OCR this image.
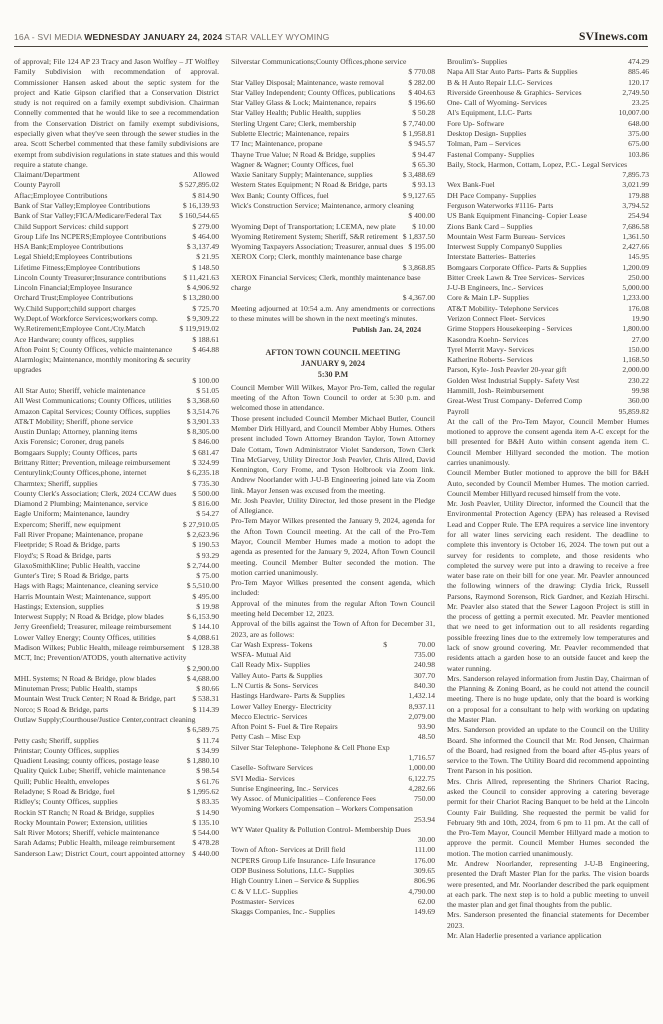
16A - SVI MEDIA WEDNESDAY JANUARY 24, 2024 STAR VALLEY WYOMING	SVInews.com
of approval; File 124 AP 23 Tracy and Jason Wolfley – JT Wolfley Family Subdivision with recommendation of approval. Commissioner Hansen asked about the septic system for the project and Katie Gipson clarified that a Conservation District study is not required on a family exempt subdivision. Chairman Connelly commented that he would like to see a recommendation from the Conservation District on family exempt subdivisions, especially given what they've seen through the sewer studies in the area. Scott Scherbel commented that these family subdivisions are exempt from subdivision regulations in state statues and this would require a statute change.
Claimant/Department	Allowed
County Payroll	$ 527,895.02
Aflac;Employee Contributions	$ 814.90
Bank of Star Valley;Employee Contributions	$ 16,139.93
Bank of Star Valley;FICA/Medicare/Federal Tax	$ 160,544.65
Child Support Services: child support	$ 279.00
Group Life Ins NCPERS;Employee Contributions	$ 464.00
HSA Bank;Employee Contributions	$ 3,137.49
Legal Shield;Employees Contributions	$ 21.95
Lifetime Fitness;Employee Contributions	$ 148.50
Lincoln County Treasurer;Insurance contributions	$ 11,421.63
Lincoln Financial;Employee Insurance	$ 4,906.92
Orchard Trust;Employee Contributions	$ 13,280.00
Wy.Child Support;child support charges	$ 725.70
Wy.Dept.of Workforce Services;workers comp.	$ 9,309.22
Wy.Retirement;Employee Cont./Cty.Match	$ 119,919.02
Ace Hardware; county offices, supplies	$ 188.61
Afton Point S; County Offices, vehicle maintenance	$ 464.88
Alarmlogix; Maintenance, monthly monitoring & security upgrades
$ 100.00
All Star Auto; Sheriff, vehicle maintenance	$ 51.05
All West Communications; County Offices, utilities	$ 3,368.60
Amazon Capital Services; County Offices, supplies	$ 3,514.76
AT&T Mobility; Sheriff, phone service	$ 3,901.33
Austin Dunlap; Attorney, planning items	$ 8,305.00
Axis Forensic; Coroner, drug panels	$ 846.00
Bomgaars Supply; County Offices, parts	$ 681.47
Brittany Ritter; Prevention, mileage reimbursement	$ 324.99
Centurylink;County Offices,phone, internet	$ 6,235.18
Charmtex; Sheriff, supplies	$ 735.30
County Clerk's Association; Clerk, 2024 CCAW dues	$ 500.00
Diamond 2 Plumbing; Maintenance, service	$ 816.00
Eagle Uniform; Maintenance, laundry	$ 54.27
Expercom; Sheriff, new equipment	$ 27,910.05
Fall River Propane; Maintenance, propane	$ 2,623.96
Fleetpride; S Road & Bridge, parts	$ 190.53
Floyd's; S Road & Bridge, parts	$ 93.29
GlaxoSmithKline; Public Health, vaccine	$ 2,744.00
Gunter's Tire; S Road & Bridge, parts	$ 75.00
Hags with Rags; Maintenance, cleaning service	$ 5,510.00
Harris Mountain West; Maintenance, support	$ 495.00
Hastings; Extension, supplies	$ 19.98
Interwest Supply; N Road & Bridge, plow blades	$ 6,153.90
Jerry Greenfield; Treasurer, mileage reimbursement	$ 144.10
Lower Valley Energy; County Offices, utilities	$ 4,088.61
Madison Wilkes; Public Health, mileage reimbursement	$ 128.38
MCT, Inc; Prevention/ATODS, youth alternative activity
$ 2,900.00
MHL Systems; N Road & Bridge, plow blades	$ 4,688.00
Minuteman Press; Public Health, stamps	$ 80.66
Mountain West Truck Center; N Road & Bridge, part	$ 538.31
Norco; S Road & Bridge, parts	$ 114.39
Outlaw Supply;Courthouse/Justice Center,contract cleaning
$ 6,589.75
Petty cash; Sheriff, supplies	$ 11.74
Printstar; County Offices, supplies	$ 34.99
Quadient Leasing; county offices, postage lease	$ 1,880.10
Quality Quick Lube; Sheriff, vehicle maintenance	$ 98.54
Quill; Public Health, envelopes	$ 61.76
Reladyne; S Road & Bridge, fuel	$ 1,995.62
Ridley's; County Offices, supplies	$ 83.35
Rockin ST Ranch; N Road & Bridge, supplies	$ 14.90
Rocky Mountain Power; Extension, utilities	$ 135.10
Salt River Motors; Sheriff, vehicle maintenance	$ 544.00
Sarah Adams; Public Health, mileage reimbursement	$ 478.28
Sanderson Law; District Court, court appointed attorney $ 440.00
Silverstar Communications;County Offices,phone service
$ 770.08
Star Valley Disposal; Maintenance, waste removal	$ 282.00
Star Valley Independent; County Offices, publications	$ 404.63
Star Valley Glass & Lock; Maintenance, repairs	$ 196.60
Star Valley Health; Public Health, supplies	$ 50.28
Sterling Urgent Care; Clerk, membership	$ 7,740.00
Sublette Electric; Maintenance, repairs	$ 1,958.81
T7 Inc; Maintenance, propane	$ 945.57
Thayne True Value; N Road & Bridge, supplies	$ 94.47
Wagner & Wagner; County Offices, fuel	$ 65.30
Waxie Sanitary Supply; Maintenance, supplies	$ 3,488.69
Western States Equipment; N Road & Bridge, parts	$ 93.13
Wex Bank; County Offices, fuel	$ 9,127.65
Wick's Construction Service; Maintenance, armory cleaning
$ 400.00
Wyoming Dept of Transportation; LCEMA, new plate	$ 10.00
Wyoming Retirement System; Sheriff, S&R retirement $ 1,837.50
Wyoming Taxpayers Association; Treasurer, annual dues $ 195.00
XEROX Corp; Clerk, monthly maintenance base charge
$ 3,868.85
XEROX Financial Services; Clerk, monthly maintenance base charge
$ 4,367.00
Meeting adjourned at 10:54 a.m. Any amendments or corrections to these minutes will be shown in the next meeting's minutes.
Publish Jan. 24, 2024
AFTON TOWN COUNCIL MEETING
JANUARY 9, 2024
5:30 P.M
Council Member Will Wilkes, Mayor Pro-Tem, called the regular meeting of the Afton Town Council to order at 5:30 p.m. and welcomed those in attendance.
Those present included Council Member Michael Butler, Council Member Dirk Hillyard, and Council Member Abby Humes. Others present included Town Attorney Brandon Taylor, Town Attorney Dale Cottam, Town Administrator Violet Sanderson, Town Clerk Tina McGarvey, Utility Director Josh Peavler, Chris Allred, David Kennington, Cory Frome, and Tyson Holbrook via Zoom link. Andrew Noorlander with J-U-B Engineering joined late via Zoom link. Mayor Jensen was excused from the meeting.
Mr. Josh Peavler, Utility Director, led those present in the Pledge of Allegiance.
Pro-Tem Mayor Wilkes presented the January 9, 2024, agenda for the Afton Town Council meeting. At the call of the Pro-Tem Mayor, Council Member Humes made a motion to adopt the agenda as presented for the January 9, 2024, Afton Town Council meeting. Council Member Bulter seconded the motion. The motion carried unanimously.
Pro-Tem Mayor Wilkes presented the consent agenda, which included:
Approval of the minutes from the regular Afton Town Council meeting held December 12, 2023.
Approval of the bills against the Town of Afton for December 31, 2023, are as follows:
Car Wash Express- Tokens	$	70.00
WSFA- Mutual Aid	735.00
Call Ready Mix- Supplies	240.98
Valley Auto- Parts & Supplies	307.70
L.N Curtis & Sons- Services	840.30
Hastings Hardware- Parts & Supplies	1,432.14
Lower Valley Energy- Electricity	8,937.11
Mecco Electric- Services	2,079.00
Afton Point S- Fuel & Tire Repairs	93.90
Petty Cash – Misc Exp	48.50
Silver Star Telephone- Telephone & Cell Phone Exp
1,716.57
Caselle- Software Services	1,000.00
SVI Media- Services	6,122.75
Sunrise Engineering, Inc.- Services	4,282.66
Wy Assoc. of Municipalities – Conference Fees	750.00
Wyoming Workers Compensation – Workers Compensation
253.94
WY Water Quality & Pollution Control- Membership Dues
30.00
Town of Afton- Services at Drill field	111.00
NCPERS Group Life Insurance- Life Insurance	176.00
ODP Business Solutions, LLC- Supplies	309.65
High Country Linen – Service & Supplies	806.96
C & V LLC- Supplies	4,790.00
Postmaster- Services	62.00
Skaggs Companies, Inc.- Supplies	149.69
Broulim's- Supplies	474.29
Napa All Star Auto Parts- Parts & Supplies	885.46
B & H Auto Repair LLC- Services	120.17
Riverside Greenhouse & Graphics- Services	2,749.50
One- Call of Wyoming- Services	23.25
Al's Equipment, LLC- Parts	10,007.00
Fore Up- Software	648.00
Desktop Design- Supplies	375.00
Tolman, Pam – Services	675.00
Fastenal Company- Supplies	103.86
Baily, Stock, Harmon, Cottam, Lopez, P.C.- Legal Services
7,895.73
Wex Bank-Fuel	3,021.99
DH Pace Company- Supplies	179.88
Ferguson Waterworks #1116- Parts	3,794.52
US Bank Equipment Financing- Copier Lease	254.94
Zions Bank Card – Supplies	7,686.58
Mountain West Farm Bureau- Services	1,361.50
Interwest Supply Company0 Supplies	2,427.66
Interstate Batteries- Batteries	145.95
Bomgaars Corporate Office- Parts & Supplies	1,200.09
Bitter Creek Lawn & Tree Services- Services	250.00
J-U-B Engineers, Inc.- Services	5,000.00
Core & Main LP- Supplies	1,233.00
AT&T Mobility- Telephone Services	176.08
Verizon Connect Fleet- Services	19.90
Grime Stoppers Housekeeping - Services	1,800.00
Kasondra Koehn- Services	27.00
Tyrel Merrit Mavy- Services	150.00
Katherine Roberts- Services	1,168.50
Parson, Kyle- Josh Peavler 20-year gift	2,000.00
Golden West Industrial Supply- Safety Vest	230.22
Hammill, Josh- Reimbursement	99.98
Great-West Trust Company- Deferred Comp	360.00
Payroll	95,859.82
At the call of the Pro-Tem Mayor, Council Member Humes motioned to approve the consent agenda item A-C except for the bill presented for B&H Auto within consent agenda item C. Council Member Hillyard seconded the motion. The motion carries unanimously.
Council Member Butler motioned to approve the bill for B&H Auto, seconded by Council Member Humes. The motion carried. Council Member Hillyard recused himself from the vote.
Mr. Josh Peavler, Utility Director, informed the Council that the Environmental Protection Agency (EPA) has released a Revised Lead and Copper Rule. The EPA requires a service line inventory for all water lines servicing each resident. The deadline to complete this inventory is October 16, 2024. The town put out a survey for residents to complete, and those residents who completed the survey were put into a drawing to receive a free water base rate on their bill for one year. Mr. Peavler announced the following winners of the drawing: Clydia Irick, Russell Parsons, Raymond Sorenson, Rick Gardner, and Keziah Hirschi. Mr. Peavler also stated that the Sewer Lagoon Project is still in the process of getting a permit executed. Mr. Peavler mentioned that we need to get information out to all residents regarding possible freezing lines due to the extremely low temperatures and lack of snow ground covering. Mr. Peavler recommended that residents attach a garden hose to an outside faucet and keep the water running.
Mrs. Sanderson relayed information from Justin Day, Chairman of the Planning & Zoning Board, as he could not attend the council meeting. There is no huge update, only that the board is working on a proposal for a consultant to help with working on updating the Master Plan.
Mrs. Sanderson provided an update to the Council on the Utility Board. She informed the Council that Mr. Rod Jensen, Chairman of the Board, had resigned from the board after 45-plus years of service to the Town. The Utility Board did recommend appointing Trent Parson in his position.
Mrs. Chris Allred, representing the Shriners Chariot Racing, asked the Council to consider approving a catering beverage permit for their Chariot Racing Banquet to be held at the Lincoln County Fair Building. She requested the permit be valid for February 9th and 10th, 2024, from 6 pm to 11 pm. At the call of the Pro-Tem Mayor, Council Member Hillyard made a motion to approve the permit. Council Member Humes seconded the motion. The motion carried unanimously.
Mr. Andrew Noorlander, representing J-U-B Engineering, presented the Draft Master Plan for the parks. The vision boards were presented, and Mr. Noorlander described the park equipment at each park. The next step is to hold a public meeting to unveil the master plan and get final thoughts from the public.
Mrs. Sanderson presented the financial statements for December 2023.
Mr. Alan Haderlie presented a variance application
